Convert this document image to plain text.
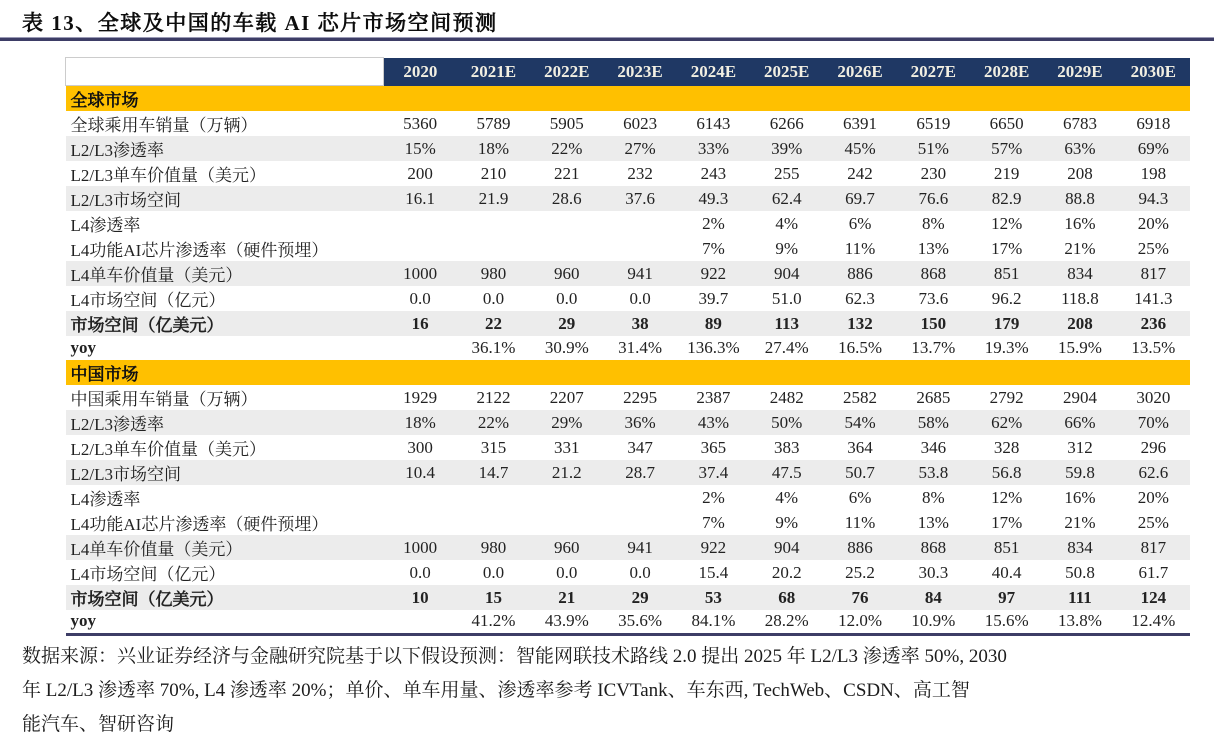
表 13、全球及中国的车载 AI 芯片市场空间预测
	2020	2021E	2022E	2023E	2024E	2025E	2026E	2027E	2028E	2029E	2030E
全球市场											
全球乘用车销量（万辆）	5360	5789	5905	6023	6143	6266	6391	6519	6650	6783	6918
L2/L3渗透率	15%	18%	22%	27%	33%	39%	45%	51%	57%	63%	69%
L2/L3单车价值量（美元）	200	210	221	232	243	255	242	230	219	208	198
L2/L3市场空间	16.1	21.9	28.6	37.6	49.3	62.4	69.7	76.6	82.9	88.8	94.3
L4渗透率					2%	4%	6%	8%	12%	16%	20%
L4功能AI芯片渗透率（硬件预埋）					7%	9%	11%	13%	17%	21%	25%
L4单车价值量（美元）	1000	980	960	941	922	904	886	868	851	834	817
L4市场空间（亿元）	0.0	0.0	0.0	0.0	39.7	51.0	62.3	73.6	96.2	118.8	141.3
市场空间（亿美元）	16	22	29	38	89	113	132	150	179	208	236
yoy		36.1%	30.9%	31.4%	136.3%	27.4%	16.5%	13.7%	19.3%	15.9%	13.5%
中国市场											
中国乘用车销量（万辆）	1929	2122	2207	2295	2387	2482	2582	2685	2792	2904	3020
L2/L3渗透率	18%	22%	29%	36%	43%	50%	54%	58%	62%	66%	70%
L2/L3单车价值量（美元）	300	315	331	347	365	383	364	346	328	312	296
L2/L3市场空间	10.4	14.7	21.2	28.7	37.4	47.5	50.7	53.8	56.8	59.8	62.6
L4渗透率					2%	4%	6%	8%	12%	16%	20%
L4功能AI芯片渗透率（硬件预埋）					7%	9%	11%	13%	17%	21%	25%
L4单车价值量（美元）	1000	980	960	941	922	904	886	868	851	834	817
L4市场空间（亿元）	0.0	0.0	0.0	0.0	15.4	20.2	25.2	30.3	40.4	50.8	61.7
市场空间（亿美元）	10	15	21	29	53	68	76	84	97	111	124
yoy		41.2%	43.9%	35.6%	84.1%	28.2%	12.0%	10.9%	15.6%	13.8%	12.4%
数据来源：兴业证券经济与金融研究院基于以下假设预测：智能网联技术路线 2.0 提出 2025 年 L2/L3 渗透率 50%, 2030
年 L2/L3 渗透率 70%, L4 渗透率 20%；单价、单车用量、渗透率参考 ICVTank、车东西, TechWeb、CSDN、高工智
能汽车、智研咨询
